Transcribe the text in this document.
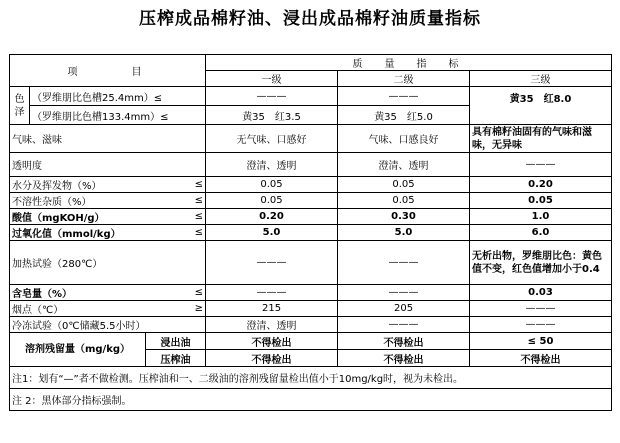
压榨成品棉籽油、浸出成品棉籽油质量指标
项　　　目			质　量　指　标		
			一级	二级	三级
色泽	（罗维朋比色槽25.4mm）≤		———	———	黄35　红8.0
	（罗维朋比色槽133.4mm）≤		黄35　红3.5	黄35　红5.0	
气味、滋味			无气味、口感好	气味、口感良好	具有棉籽油固有的气味和滋味，无异味
透明度			澄清、透明	澄清、透明	———
水分及挥发物（%）		≤	0.05	0.05	0.20
不溶性杂质（%）		≤	0.05	0.05	0.05
酸值（mgKOH/g）		≤	0.20	0.30	1.0
过氧化值（mmol/kg）		≤	5.0	5.0	6.0
加热试验（280℃）			———	———	无析出物，罗维朋比色：黄色值不变，红色值增加小于0.4
含皂量（%）		≤	———	———	0.03
烟点（℃）		≥	215	205	———
冷冻试验（0℃储藏5.5小时）			澄清、透明	———	———
溶剂残留量（mg/kg）		浸出油	不得检出	不得检出	≤ 50
		压榨油	不得检出	不得检出	不得检出
注1：划有“—”者不做检测。压榨油和一、二级油的溶剂残留量检出值小于10mg/kg时，视为未检出。					
注 2：黑体部分指标强制。					
